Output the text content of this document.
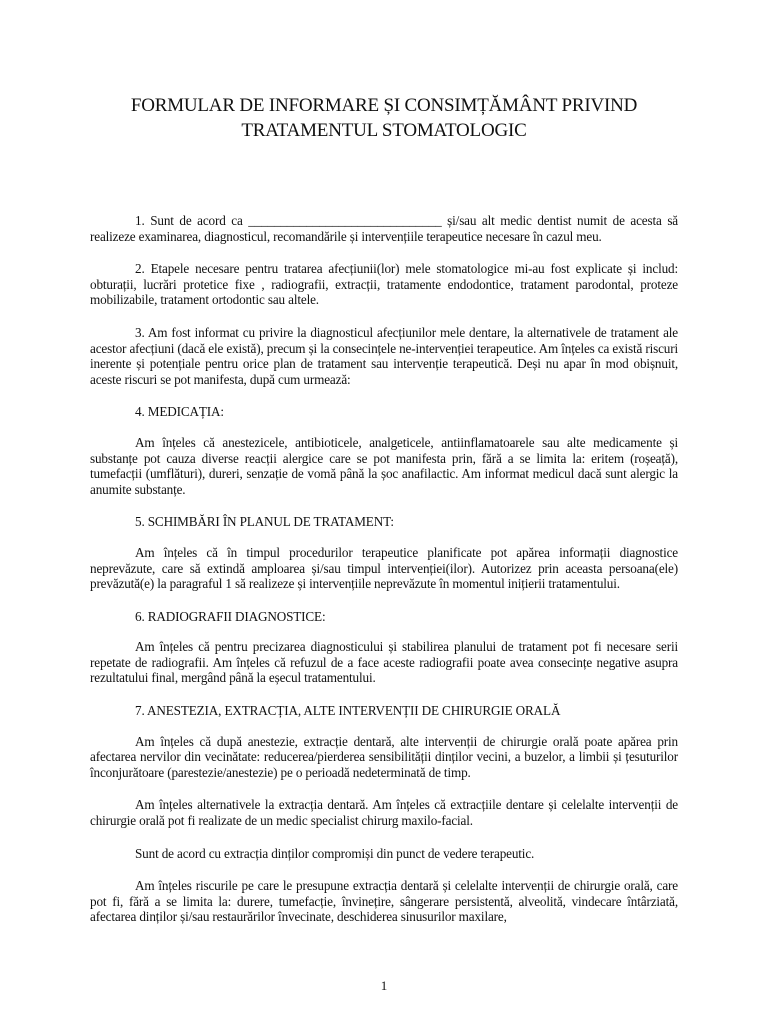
FORMULAR DE INFORMARE ȘI CONSIMȚĂMÂNT PRIVIND
TRATAMENTUL STOMATOLOGIC

1. Sunt de acord ca ______________________________ și/sau alt medic dentist numit de acesta să realizeze examinarea, diagnosticul, recomandările și intervențiile terapeutice necesare în cazul meu.

2. Etapele necesare pentru tratarea afecțiunii(lor) mele stomatologice mi-au fost explicate și includ: obturații, lucrări protetice fixe , radiografii, extracții, tratamente endodontice, tratament parodontal, proteze mobilizabile, tratament ortodontic sau altele.

3. Am fost informat cu privire la diagnosticul afecțiunilor mele dentare, la alternativele de tratament ale acestor afecțiuni (dacă ele există), precum și la consecințele ne-intervenției terapeutice. Am înțeles ca există riscuri inerente și potențiale pentru orice plan de tratament sau intervenție terapeutică. Deși nu apar în mod obișnuit, aceste riscuri se pot manifesta, după cum urmează:

4. MEDICAȚIA:

Am înțeles că anestezicele, antibioticele, analgeticele, antiinflamatoarele sau alte medicamente și substanțe pot cauza diverse reacții alergice care se pot manifesta prin, fără a se limita la: eritem (roșeață), tumefacții (umflături), dureri, senzație de vomă până la șoc anafilactic. Am informat medicul dacă sunt alergic la anumite substanțe.

5. SCHIMBĂRI ÎN PLANUL DE TRATAMENT:

Am înțeles că în timpul procedurilor terapeutice planificate pot apărea informații diagnostice neprevăzute, care să extindă amploarea și/sau timpul intervenției(ilor). Autorizez prin aceasta persoana(ele) prevăzută(e) la paragraful 1 să realizeze și intervențiile neprevăzute în momentul inițierii tratamentului.

6. RADIOGRAFII DIAGNOSTICE:

Am înțeles că pentru precizarea diagnosticului și stabilirea planului de tratament pot fi necesare serii repetate de radiografii. Am înțeles că refuzul de a face aceste radiografii poate avea consecințe negative asupra rezultatului final, mergând până la eșecul tratamentului.

7. ANESTEZIA, EXTRACȚIA, ALTE INTERVENȚII DE CHIRURGIE ORALĂ

Am înțeles că după anestezie, extracție dentară, alte intervenții de chirurgie orală poate apărea prin afectarea nervilor din vecinătate: reducerea/pierderea sensibilității dinților vecini, a buzelor, a limbii și țesuturilor înconjurătoare (parestezie/anestezie) pe o perioadă nedeterminată de timp.

Am înțeles alternativele la extracția dentară. Am înțeles că extracțiile dentare și celelalte intervenții de chirurgie orală pot fi realizate de un medic specialist chirurg maxilo-facial.

Sunt de acord cu extracția dinților compromiși din punct de vedere terapeutic.

Am înțeles riscurile pe care le presupune extracția dentară și celelalte intervenții de chirurgie orală, care pot fi, fără a se limita la: durere, tumefacție, învinețire, sângerare persistentă, alveolită, vindecare întârziată, afectarea dinților și/sau restaurărilor învecinate, deschiderea sinusurilor maxilare,

1
